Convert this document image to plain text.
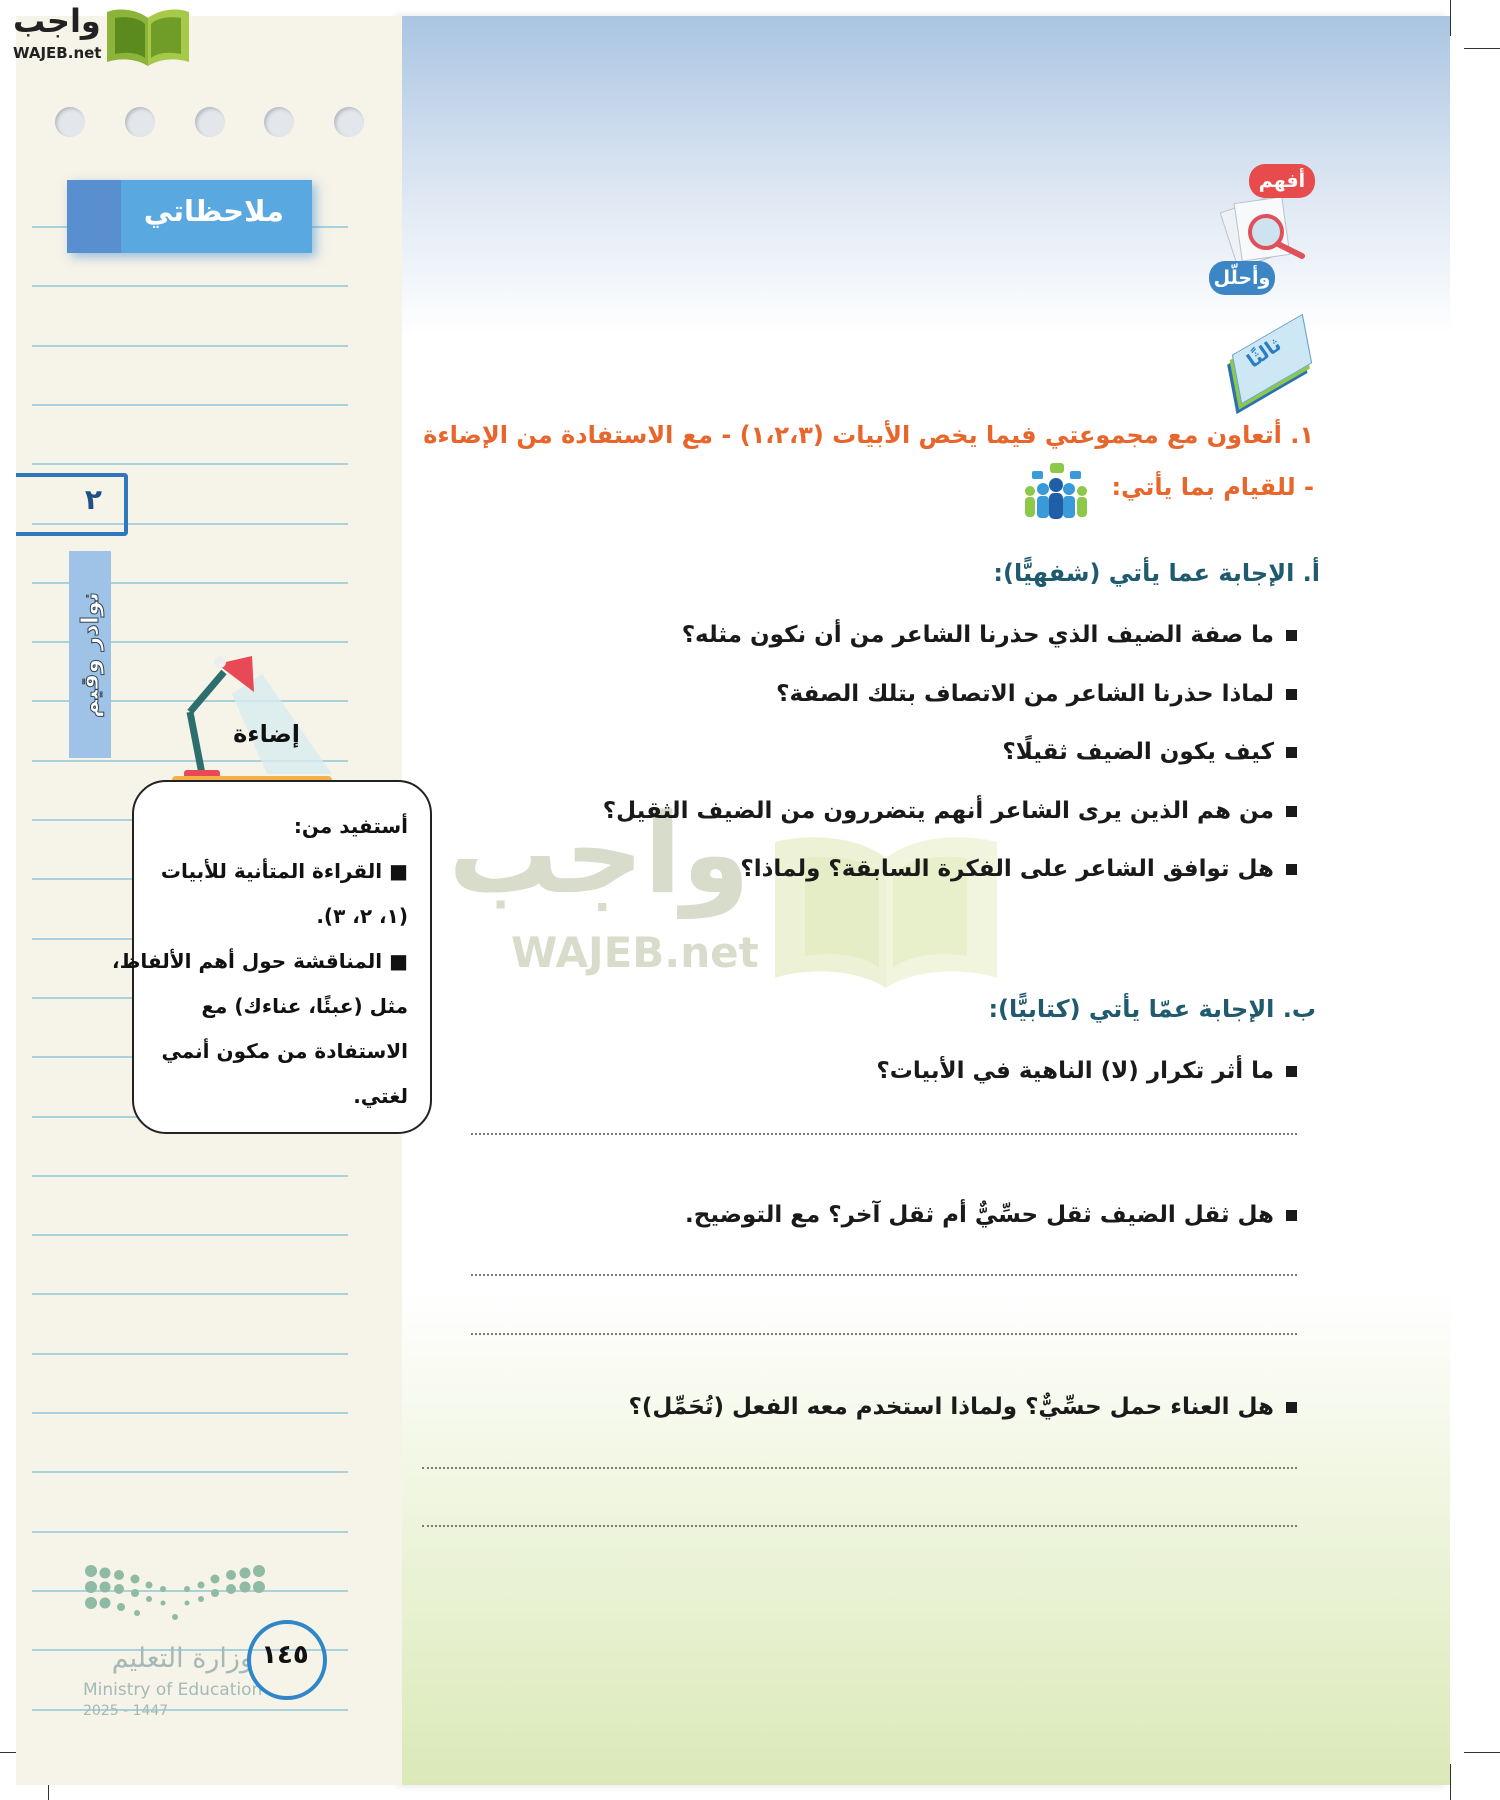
واجب
WAJEB.net
ملاحظاتي
٢
نوادر وقيم
إضاءة
أستفيد من:
■ القراءة المتأنية للأبيات
(١، ٢، ٣).
■ المناقشة حول أهم الألفاظ،
مثل (عبئًا، عناءك) مع
الاستفادة من مكون أنمي
لغتي.
وزارة التعليم
Ministry of Education
2025 - 1447
١٤٥
أفهم
وأحلّل
ثالثًا
١. أتعاون مع مجموعتي فيما يخص الأبيات (١،٢،٣) - مع الاستفادة من الإضاءة
- للقيام بما يأتي:
واجب
WAJEB.net
أ. الإجابة عما يأتي (شفهيًّا):
ما صفة الضيف الذي حذرنا الشاعر من أن نكون مثله؟
لماذا حذرنا الشاعر من الاتصاف بتلك الصفة؟
كيف يكون الضيف ثقيلًا؟
من هم الذين يرى الشاعر أنهم يتضررون من الضيف الثقيل؟
هل توافق الشاعر على الفكرة السابقة؟ ولماذا؟
ب. الإجابة عمّا يأتي (كتابيًّا):
ما أثر تكرار (لا) الناهية في الأبيات؟
هل ثقل الضيف ثقل حسِّيٌّ أم ثقل آخر؟ مع التوضيح.
هل العناء حمل حسِّيٌّ؟ ولماذا استخدم معه الفعل (تُحَمِّل)؟
